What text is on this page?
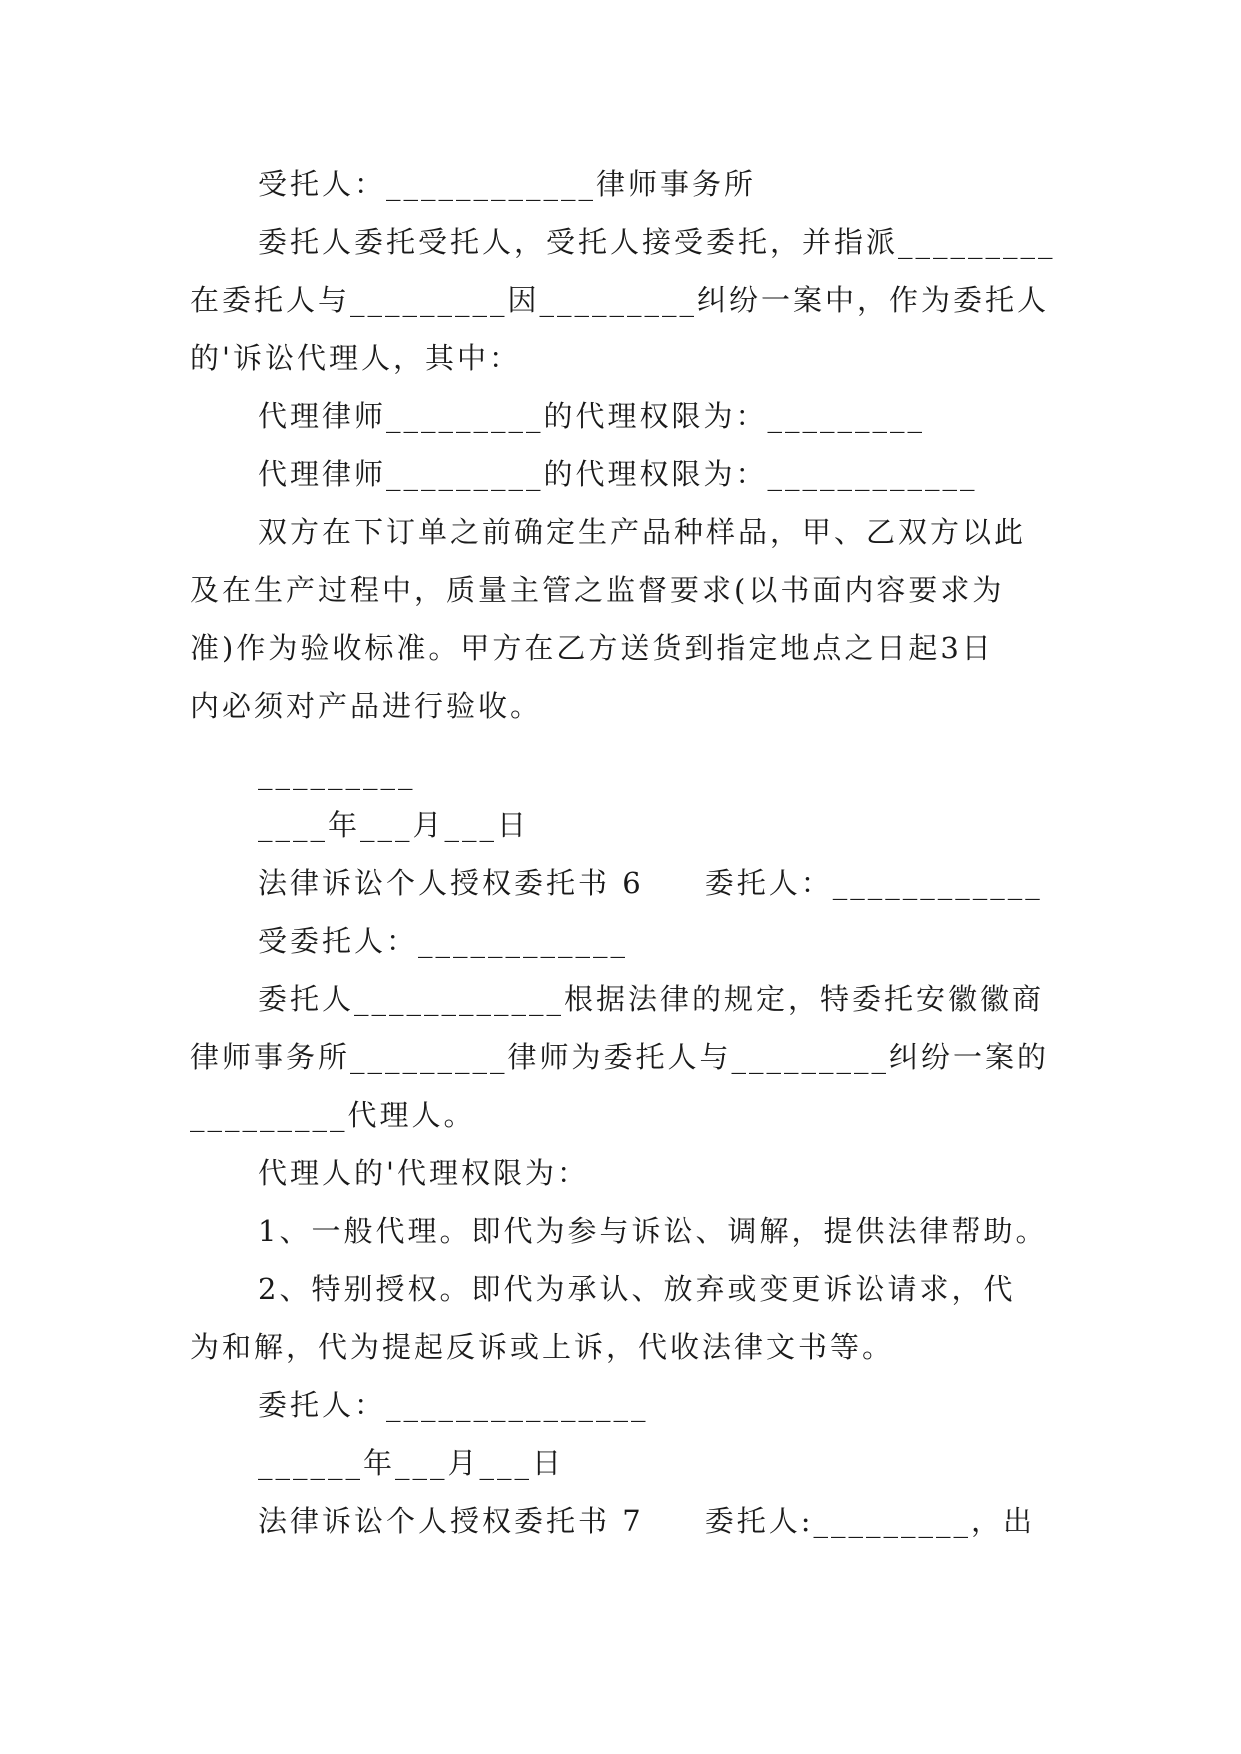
受托人：____________律师事务所
委托人委托受托人，受托人接受委托，并指派_________
在委托人与_________因_________纠纷一案中，作为委托人
的'诉讼代理人，其中：
代理律师_________的代理权限为：_________
代理律师_________的代理权限为：____________
双方在下订单之前确定生产品种样品，甲、乙双方以此
及在生产过程中，质量主管之监督要求(以书面内容要求为
准)作为验收标准。甲方在乙方送货到指定地点之日起3日
内必须对产品进行验收。
_________
____年___月___日
法律诉讼个人授权委托书 6     委托人：____________
受委托人：____________
委托人____________根据法律的规定，特委托安徽徽商
律师事务所_________律师为委托人与_________纠纷一案的
_________代理人。
代理人的'代理权限为：
1、一般代理。即代为参与诉讼、调解，提供法律帮助。
2、特别授权。即代为承认、放弃或变更诉讼请求，代
为和解，代为提起反诉或上诉，代收法律文书等。
委托人：_______________
______年___月___日
法律诉讼个人授权委托书 7     委托人:_________，出
